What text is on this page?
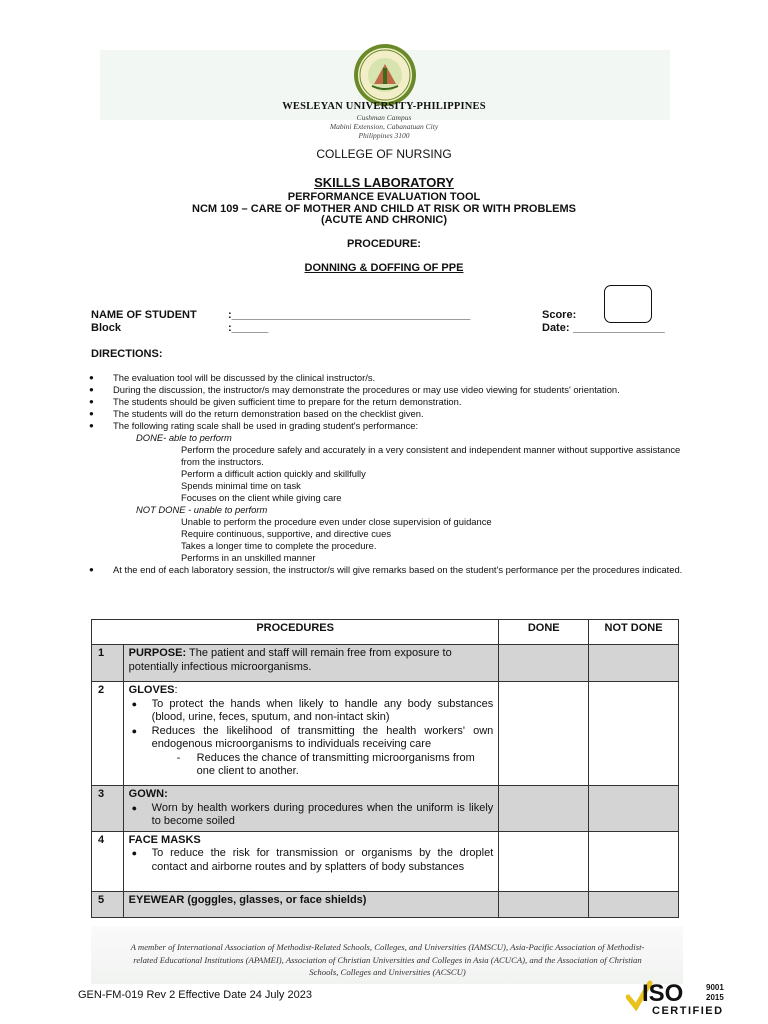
WESLEYAN UNIVERSITY-PHILIPPINES
Cushman Campus
Mabini Extension, Cabanatuan City
Philippines 3100
COLLEGE OF NURSING
SKILLS LABORATORY
PERFORMANCE EVALUATION TOOL
NCM 109 – CARE OF MOTHER AND CHILD AT RISK OR WITH PROBLEMS
(ACUTE AND CHRONIC)
PROCEDURE:
DONNING & DOFFING OF PPE
NAME OF STUDENT	:_______________________________________
Block	:______
Score:
Date: _______________
DIRECTIONS:
● The evaluation tool will be discussed by the clinical instructor/s.
● During the discussion, the instructor/s may demonstrate the procedures or may use video viewing for students' orientation.
● The students should be given sufficient time to prepare for the return demonstration.
● The students will do the return demonstration based on the checklist given.
● The following rating scale shall be used in grading student's performance:
DONE- able to perform
Perform the procedure safely and accurately in a very consistent and independent manner without supportive assistance from the instructors.
Perform a difficult action quickly and skillfully
Spends minimal time on task
Focuses on the client while giving care
NOT DONE - unable to perform
Unable to perform the procedure even under close supervision of guidance
Require continuous, supportive, and directive cues
Takes a longer time to complete the procedure.
Performs in an unskilled manner
● At the end of each laboratory session, the instructor/s will give remarks based on the student's performance per the procedures indicated.
PROCEDURES		DONE	NOT DONE
1	PURPOSE: The patient and staff will remain free from exposure to potentially infectious microorganisms.		
2	GLOVES:
● To protect the hands when likely to handle any body substances (blood, urine, feces, sputum, and non-intact skin)
● Reduces the likelihood of transmitting the health workers' own endogenous microorganisms to individuals receiving care
- Reduces the chance of transmitting microorganisms from one client to another.

3	GOWN:
● Worn by health workers during procedures when the uniform is likely to become soiled

4	FACE MASKS
● To reduce the risk for transmission or organisms by the droplet contact and airborne routes and by splatters of body substances

5	EYEWEAR (goggles, glasses, or face shields)		
A member of International Association of Methodist-Related Schools, Colleges, and Universities (IAMSCU), Asia-Pacific Association of Methodist-related Educational Institutions (APAMEI), Association of Christian Universities and Colleges in Asia (ACUCA), and the Association of Christian Schools, Colleges and Universities (ACSCU)
GEN-FM-019 Rev 2 Effective Date 24 July 2023	ISO	9001
2015
CERTIFIED
